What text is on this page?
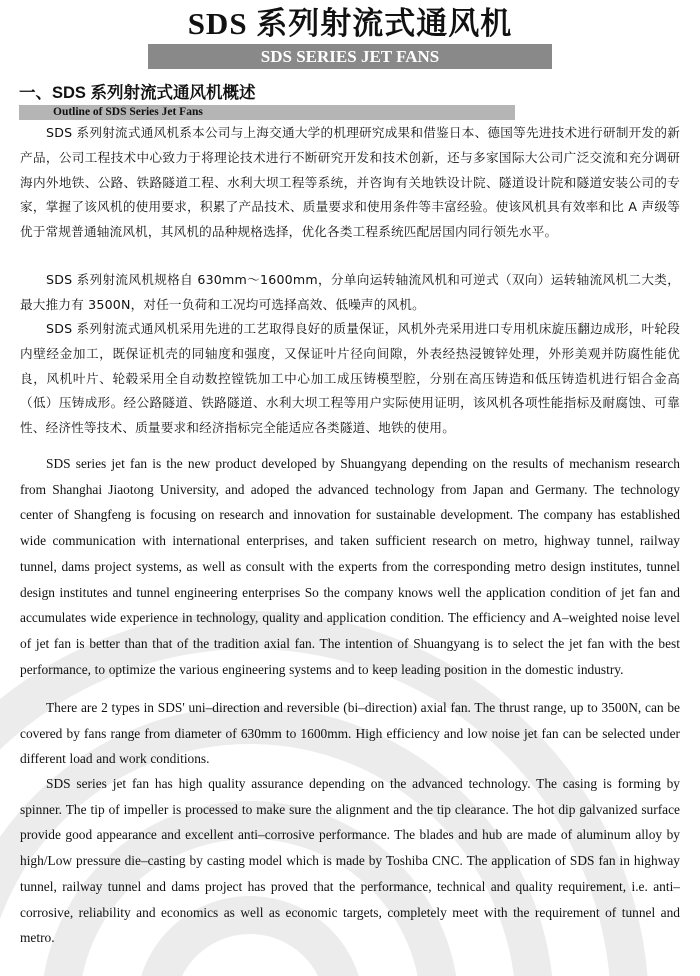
SDS 系列射流式通风机
SDS SERIES JET FANS
一、SDS 系列射流式通风机概述
Outline of SDS Series Jet Fans

SDS 系列射流式通风机系本公司与上海交通大学的机理研究成果和借鉴日本、德国等先进技术进行研制开发的新产品，公司工程技术中心致力于将理论技术进行不断研究开发和技术创新，还与多家国际大公司广泛交流和充分调研海内外地铁、公路、铁路隧道工程、水利大坝工程等系统，并咨询有关地铁设计院、隧道设计院和隧道安装公司的专家，掌握了该风机的使用要求，积累了产品技术、质量要求和使用条件等丰富经验。使该风机具有效率和比 A 声级等优于常规普通轴流风机，其风机的品种规格选择，优化各类工程系统匹配居国内同行领先水平。

SDS 系列射流风机规格自 630mm～1600mm，分单向运转轴流风机和可逆式（双向）运转轴流风机二大类，最大推力有 3500N，对任一负荷和工况均可选择高效、低噪声的风机。

SDS 系列射流式通风机采用先进的工艺取得良好的质量保证，风机外壳采用进口专用机床旋压翻边成形，叶轮段内壁经金加工，既保证机壳的同轴度和强度，又保证叶片径向间隙，外表经热浸镀锌处理，外形美观并防腐性能优良，风机叶片、轮毂采用全自动数控镗铣加工中心加工成压铸模型腔，分别在高压铸造和低压铸造机进行铝合金高（低）压铸成形。经公路隧道、铁路隧道、水利大坝工程等用户实际使用证明，该风机各项性能指标及耐腐蚀、可靠性、经济性等技术、质量要求和经济指标完全能适应各类隧道、地铁的使用。

SDS series jet fan is the new product developed by Shuangyang depending on the results of mechanism research from Shanghai Jiaotong University, and adoped the advanced technology from Japan and Germany. The technology center of Shangfeng is focusing on research and innovation for sustainable development. The company has established wide communication with international enterprises, and taken sufficient research on metro, highway tunnel, railway tunnel, dams project systems, as well as consult with the experts from the corresponding metro design institutes, tunnel design institutes and tunnel engineering enterprises So the company knows well the application condition of jet fan and accumulates wide experience in technology, quality and application condition. The efficiency and A–weighted noise level of jet fan is better than that of the tradition axial fan. The intention of Shuangyang is to select the jet fan with the best performance, to optimize the various engineering systems and to keep leading position in the domestic industry.

There are 2 types in SDS' uni–direction and reversible (bi–direction) axial fan. The thrust range, up to 3500N, can be covered by fans range from diameter of 630mm to 1600mm. High efficiency and low noise jet fan can be selected under different load and work conditions.

SDS series jet fan has high quality assurance depending on the advanced technology. The casing is forming by spinner. The tip of impeller is processed to make sure the alignment and the tip clearance. The hot dip galvanized surface provide good appearance and excellent anti–corrosive performance. The blades and hub are made of aluminum alloy by high/Low pressure die–casting by casting model which is made by Toshiba CNC. The application of SDS fan in highway tunnel, railway tunnel and dams project has proved that the performance, technical and quality requirement, i.e. anti–corrosive, reliability and economics as well as economic targets, completely meet with the requirement of tunnel and metro.
